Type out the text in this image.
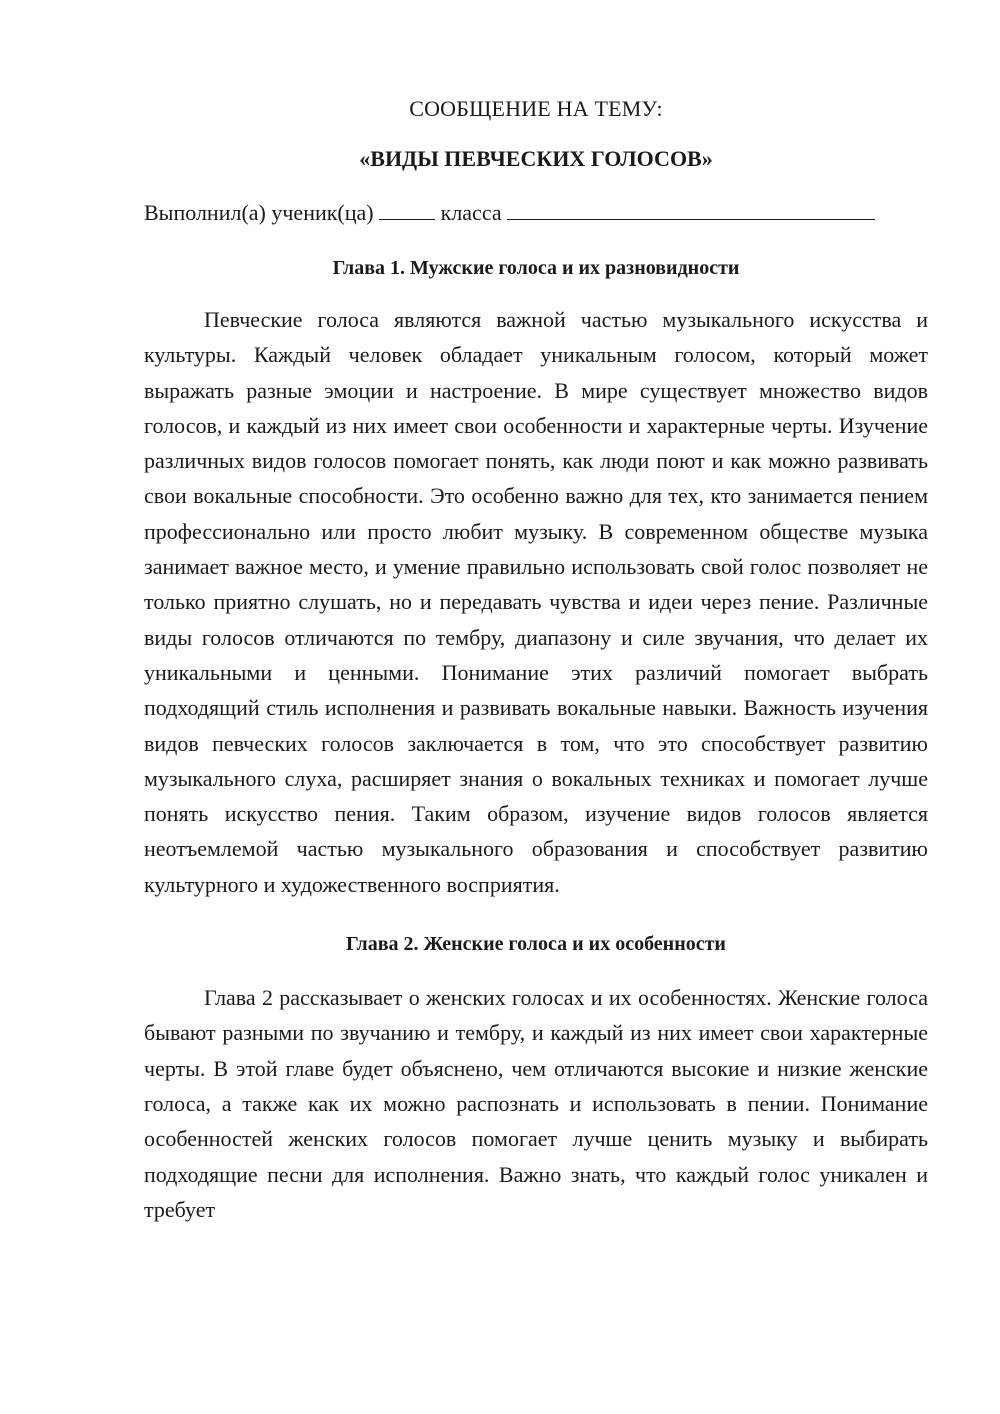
СООБЩЕНИЕ НА ТЕМУ:

«ВИДЫ ПЕВЧЕСКИХ ГОЛОСОВ»

Выполнил(а) ученик(ца)	класса
Глава 1. Мужские голоса и их разновидности

Певческие голоса являются важной частью музыкального искусства и культуры. Каждый человек обладает уникальным голосом, который может выражать разные эмоции и настроение. В мире существует множество видов голосов, и каждый из них имеет свои особенности и характерные черты. Изучение различных видов голосов помогает понять, как люди поют и как можно развивать свои вокальные способности. Это особенно важно для тех, кто занимается пением профессионально или просто любит музыку. В современном обществе музыка занимает важное место, и умение правильно использовать свой голос позволяет не только приятно слушать, но и передавать чувства и идеи через пение. Различные виды голосов отличаются по тембру, диапазону и силе звучания, что делает их уникальными и ценными. Понимание этих различий помогает выбрать подходящий стиль исполнения и развивать вокальные навыки. Важность изучения видов певческих голосов заключается в том, что это способствует развитию музыкального слуха, расширяет знания о вокальных техниках и помогает лучше понять искусство пения. Таким образом, изучение видов голосов является неотъемлемой частью музыкального образования и способствует развитию культурного и художественного восприятия.

Глава 2. Женские голоса и их особенности

Глава 2 рассказывает о женских голосах и их особенностях. Женские голоса бывают разными по звучанию и тембру, и каждый из них имеет свои характерные черты. В этой главе будет объяснено, чем отличаются высокие и низкие женские голоса, а также как их можно распознать и использовать в пении. Понимание особенностей женских голосов помогает лучше ценить музыку и выбирать подходящие песни для исполнения. Важно знать, что каждый голос уникален и требует
